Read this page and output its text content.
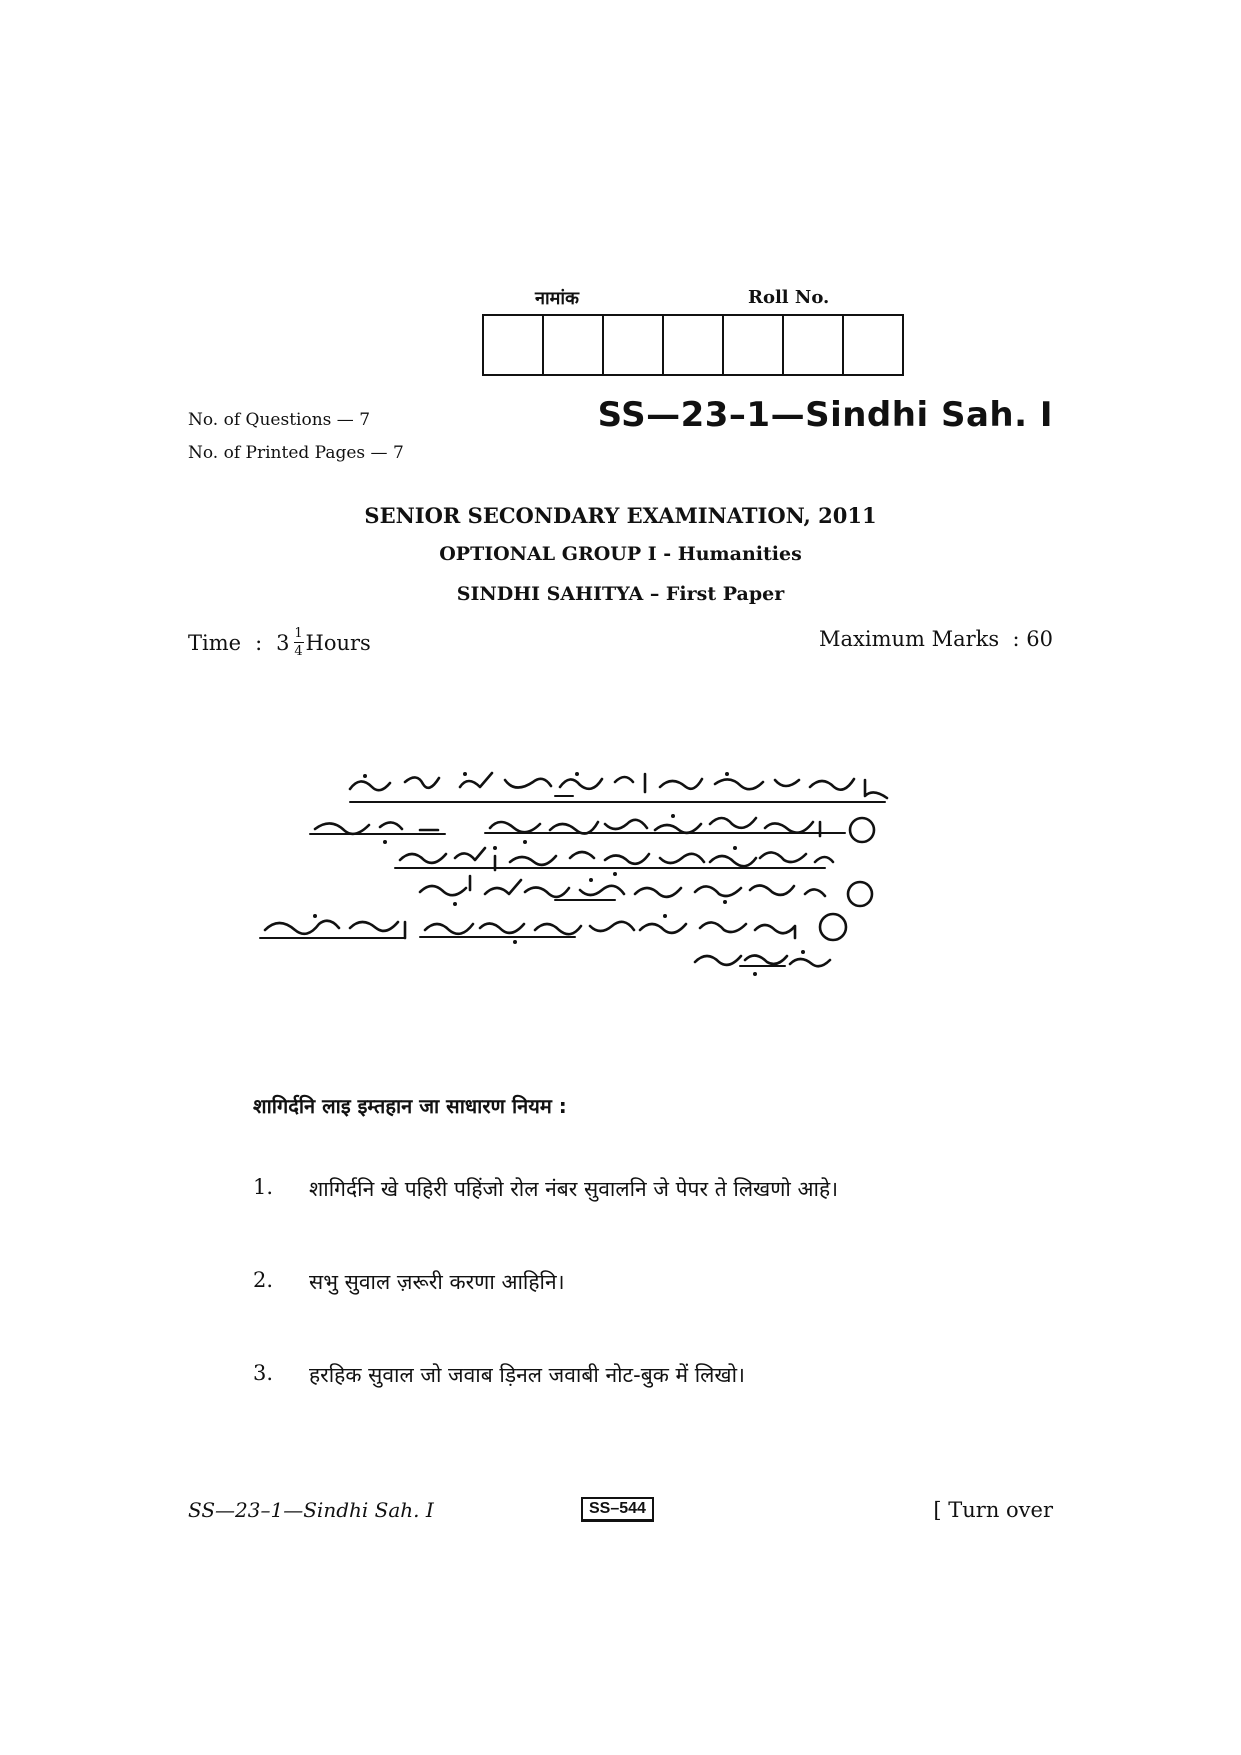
नामांक	Roll No.
No. of Questions — 7
No. of Printed Pages — 7
SS—23–1—Sindhi Sah. I
SENIOR SECONDARY EXAMINATION, 2011
OPTIONAL GROUP I - Humanities
SINDHI SAHITYA – First Paper
Time : $3 \frac{1}{4}$ Hours	Maximum Marks  : 60
शागिर्दनि लाइ इम्तहान जा साधारण नियम :
1.	शागिर्दनि खे पहिरी पहिंजो रोल नंबर सुवालनि जे पेपर ते लिखणो आहे।
2.	सभु सुवाल ज़रूरी करणा आहिनि।
3.	हरहिक सुवाल जो जवाब ड़िनल जवाबी नोट-बुक में लिखो।
SS—23–1—Sindhi Sah. I	SS–544	[ Turn over
